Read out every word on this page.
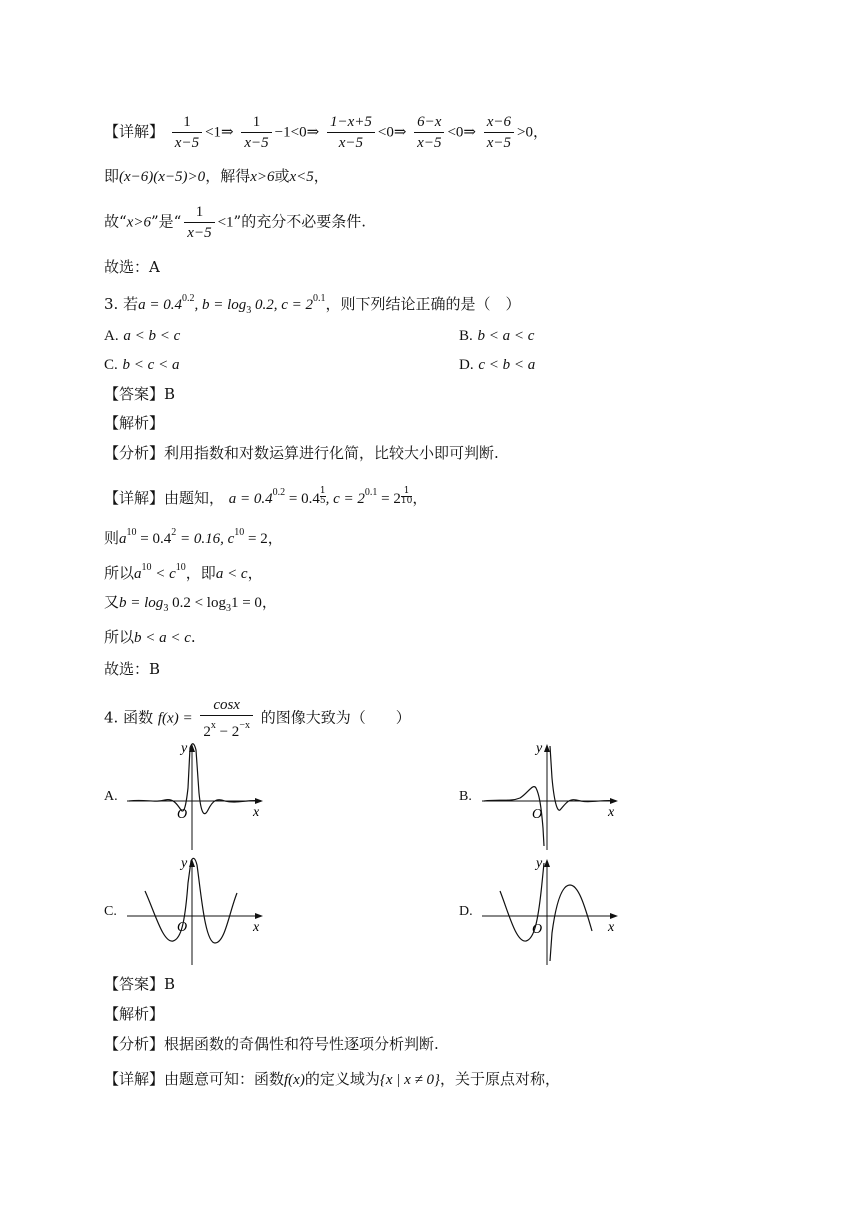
【详解】 $\frac{1}{x-5}$ <1⇒ $\frac{1}{x-5}$ −1<0⇒ $\frac{1-x+5}{x-5}$ <0⇒ $\frac{6-x}{x-5}$ <0⇒ $\frac{x-6}{x-5} >0$，
即(x−6)(x−5)>0，解得x>6或x<5，
故“x>6”是“ $\frac{1}{x-5} <1$”的充分不必要条件.
故选：A
3. 若$a = 0.4^{0.2}$, $b = \log_3 0.2$, $c = 2^{0.1}$，则下列结论正确的是（　）
A. a < b < c	B. b < a < c
C. b < c < a	D. c < b < a
【答案】B
【解析】
【分析】利用指数和对数运算进行化简，比较大小即可判断.
【详解】由题知， $a = 0.4^{0.2} = 0.4 \frac{1}{5}$ , $c = 2^{0.1} = 2 \frac{1}{10}$ ，
则$a^{10} = 0.4^2 = 0.16$, $c^{10} = 2$，
所以$a^{10} < c^{10}$，即a < c，
又$b = \log_3 0.2 < \log_31 = 0$，
所以b < a < c.
故选：B
4. 函数 $f(x) = \frac{\cos x}{2^x - 2^{-x}}$ 的图像大致为（　　）
A.	B.
C.	D.
y
x
O
y
x
O
y
x
O
y
x
O
【答案】B
【解析】
【分析】根据函数的奇偶性和符号性逐项分析判断.
【详解】由题意可知：函数f(x)的定义域为{x | x ≠ 0}，关于原点对称，
